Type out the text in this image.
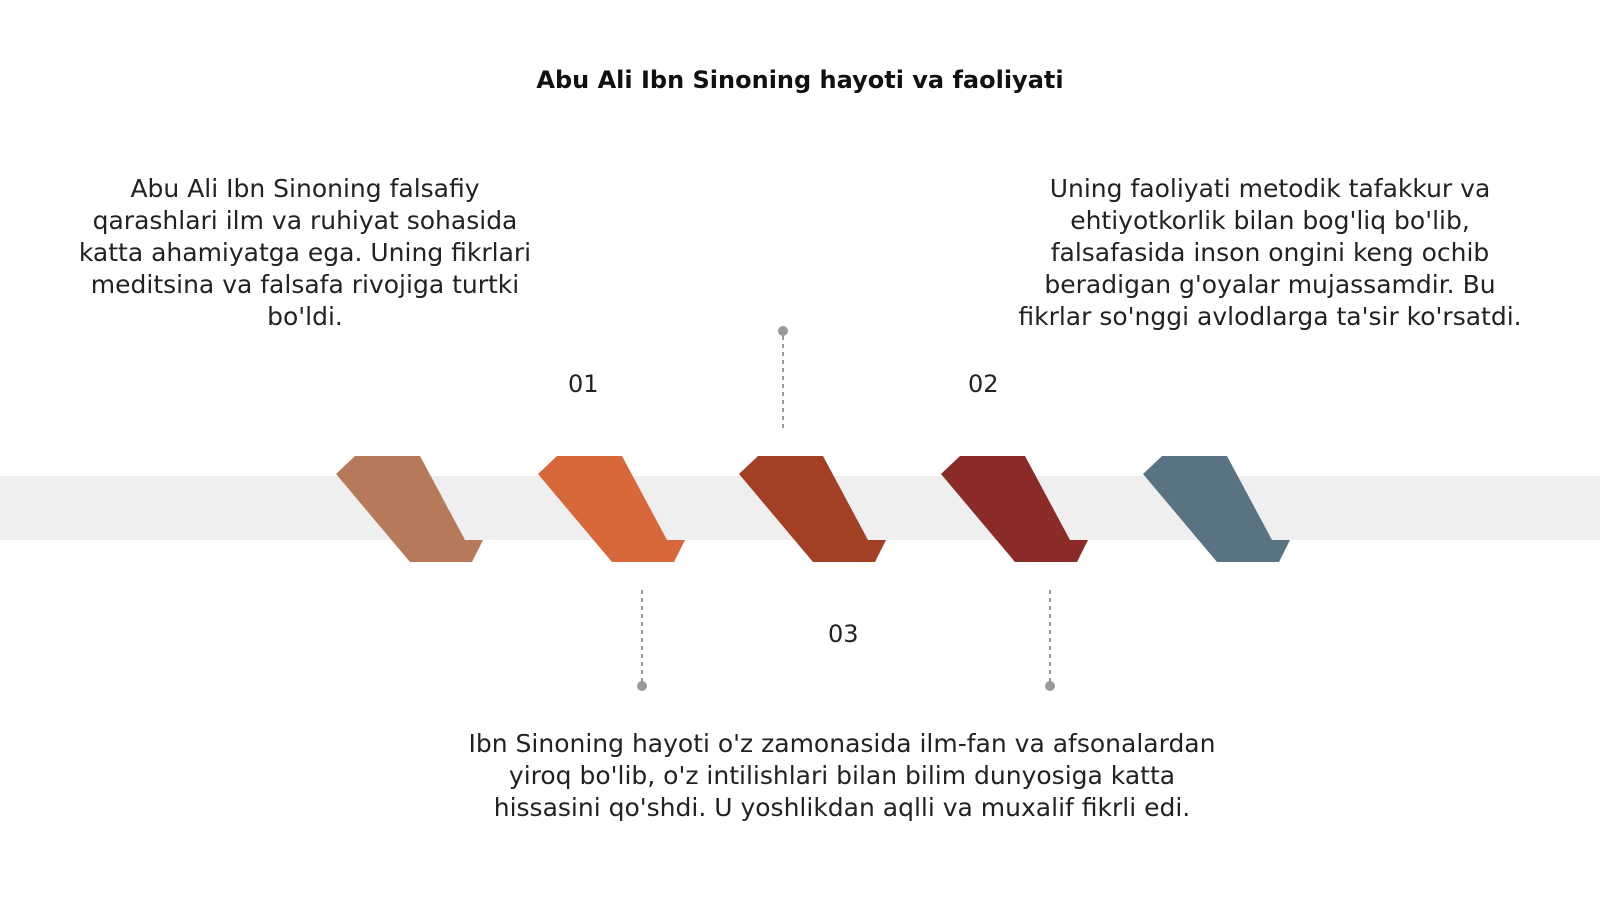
Abu Ali Ibn Sinoning hayoti va faoliyati
Abu Ali Ibn Sinoning falsafiy qarashlari ilm va ruhiyat sohasida katta ahamiyatga ega. Uning fikrlari meditsina va falsafa rivojiga turtki bo'ldi.
Uning faoliyati metodik tafakkur va ehtiyotkorlik bilan bog'liq bo'lib, falsafasida inson ongini keng ochib beradigan g'oyalar mujassamdir. Bu fikrlar so'nggi avlodlarga ta'sir ko'rsatdi.
Ibn Sinoning hayoti o'z zamonasida ilm-fan va afsonalardan yiroq bo'lib, o'z intilishlari bilan bilim dunyosiga katta hissasini qo'shdi. U yoshlikdan aqlli va muxalif fikrli edi.
01	02
03
